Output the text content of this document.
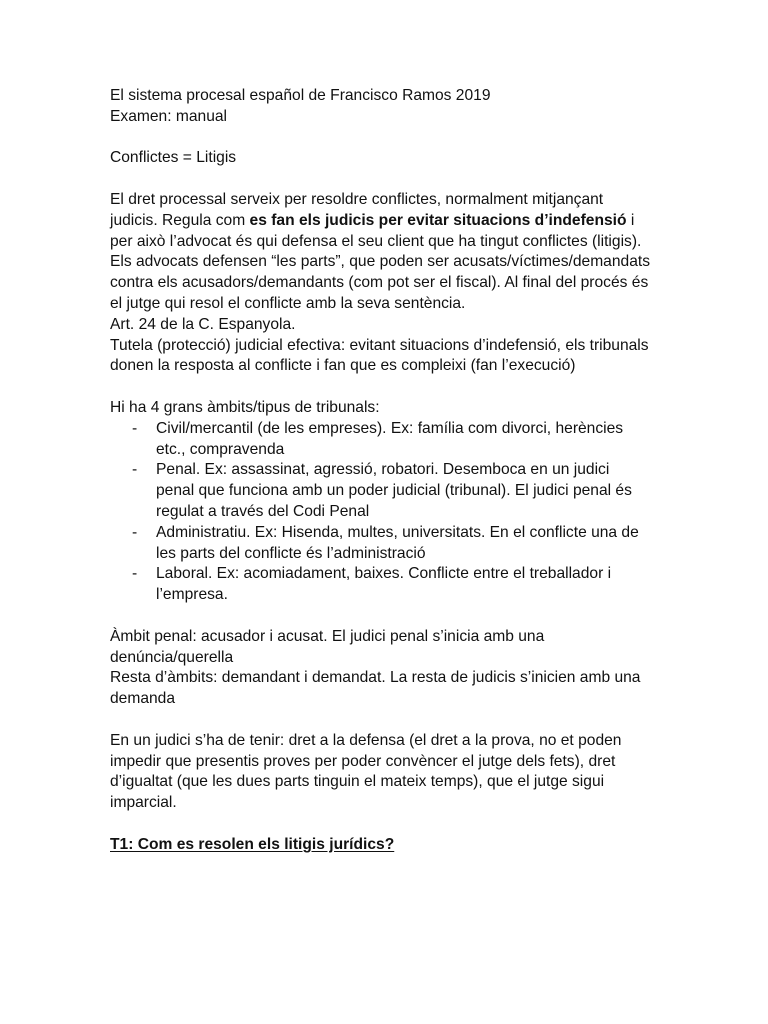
El sistema procesal español de Francisco Ramos 2019

Examen: manual

Conflictes = Litigis

El dret processal serveix per resoldre conflictes, normalment mitjançant judicis. Regula com es fan els judicis per evitar situacions d’indefensió i per això l’advocat és qui defensa el seu client que ha tingut conflictes (litigis). Els advocats defensen “les parts”, que poden ser acusats/víctimes/demandats contra els acusadors/demandants (com pot ser el fiscal). Al final del procés és el jutge qui resol el conflicte amb la seva sentència.

Art. 24 de la C. Espanyola.

Tutela (protecció) judicial efectiva: evitant situacions d’indefensió, els tribunals donen la resposta al conflicte i fan que es compleixi (fan l’execució)

Hi ha 4 grans àmbits/tipus de tribunals:

- Civil/mercantil (de les empreses). Ex: família com divorci, herències etc., compravenda
- Penal. Ex: assassinat, agressió, robatori. Desemboca en un judici penal que funciona amb un poder judicial (tribunal). El judici penal és regulat a través del Codi Penal
- Administratiu. Ex: Hisenda, multes, universitats. En el conflicte una de les parts del conflicte és l’administració
- Laboral. Ex: acomiadament, baixes. Conflicte entre el treballador i l’empresa.

Àmbit penal: acusador i acusat. El judici penal s’inicia amb una denúncia/querella

Resta d’àmbits: demandant i demandat. La resta de judicis s’inicien amb una demanda

En un judici s’ha de tenir: dret a la defensa (el dret a la prova, no et poden impedir que presentis proves per poder convèncer el jutge dels fets), dret d’igualtat (que les dues parts tinguin el mateix temps), que el jutge sigui imparcial.

T1: Com es resolen els litigis jurídics?
